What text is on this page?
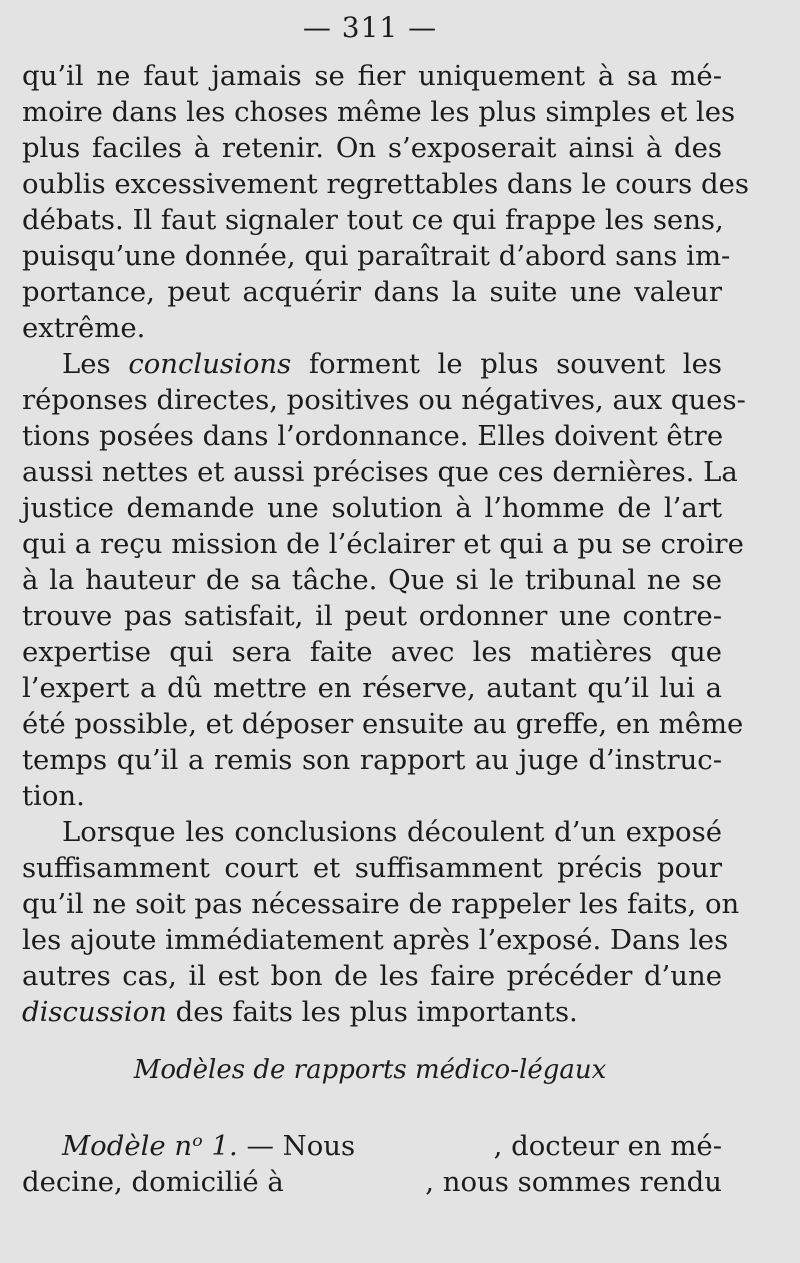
— 311 —
qu’il ne faut jamais se fier uniquement à sa mé-
moire dans les choses même les plus simples et les
plus faciles à retenir. On s’exposerait ainsi à des
oublis excessivement regrettables dans le cours des
débats. Il faut signaler tout ce qui frappe les sens,
puisqu’une donnée, qui paraîtrait d’abord sans im-
portance, peut acquérir dans la suite une valeur
extrême.
Les conclusions forment le plus souvent les
réponses directes, positives ou négatives, aux ques-
tions posées dans l’ordonnance. Elles doivent être
aussi nettes et aussi précises que ces dernières. La
justice demande une solution à l’homme de l’art
qui a reçu mission de l’éclairer et qui a pu se croire
à la hauteur de sa tâche. Que si le tribunal ne se
trouve pas satisfait, il peut ordonner une contre-
expertise qui sera faite avec les matières que
l’expert a dû mettre en réserve, autant qu’il lui a
été possible, et déposer ensuite au greffe, en même
temps qu’il a remis son rapport au juge d’instruc-
tion.
Lorsque les conclusions découlent d’un exposé
suffisamment court et suffisamment précis pour
qu’il ne soit pas nécessaire de rappeler les faits, on
les ajoute immédiatement après l’exposé. Dans les
autres cas, il est bon de les faire précéder d’une
discussion des faits les plus importants.
Modèles de rapports médico-légaux
Modèle nᵒ 1. — Nous	, docteur en mé-
decine, domicilié à	, nous sommes rendu
